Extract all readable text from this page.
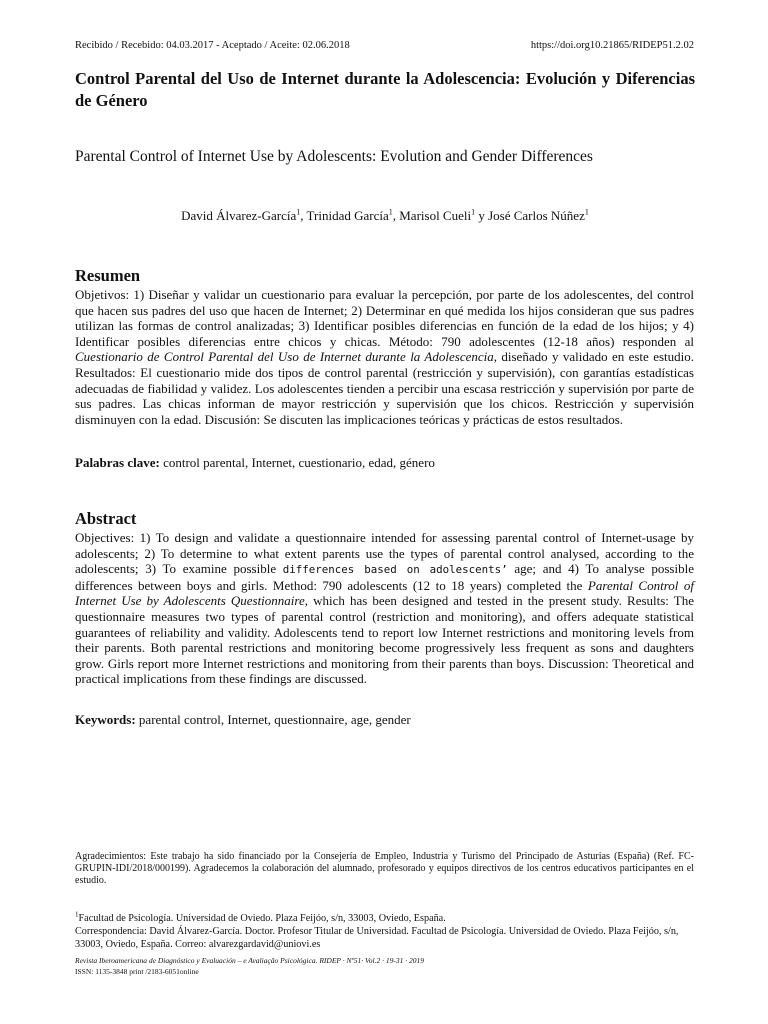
Recibido / Recebido: 04.03.2017 - Aceptado / Aceite: 02.06.2018	https://doi.org10.21865/RIDEP51.2.02
Control Parental del Uso de Internet durante la Adolescencia: Evolución y Diferencias de Género
Parental Control of Internet Use by Adolescents: Evolution and Gender Differences
David Álvarez-García$^1$, Trinidad García$^1$, Marisol Cueli$^1$ y José Carlos Núñez$^1$
Resumen
Objetivos: 1) Diseñar y validar un cuestionario para evaluar la percepción, por parte de los adolescentes, del control que hacen sus padres del uso que hacen de Internet; 2) Determinar en qué medida los hijos consideran que sus padres utilizan las formas de control analizadas; 3) Identificar posibles diferencias en función de la edad de los hijos; y 4) Identificar posibles diferencias entre chicos y chicas. Método: 790 adolescentes (12-18 años) responden al Cuestionario de Control Parental del Uso de Internet durante la Adolescencia, diseñado y validado en este estudio. Resultados: El cuestionario mide dos tipos de control parental (restricción y supervisión), con garantías estadísticas adecuadas de fiabilidad y validez. Los adolescentes tienden a percibir una escasa restricción y supervisión por parte de sus padres. Las chicas informan de mayor restricción y supervisión que los chicos. Restricción y supervisión disminuyen con la edad. Discusión: Se discuten las implicaciones teóricas y prácticas de estos resultados.
Palabras clave: control parental, Internet, cuestionario, edad, género
Abstract
Objectives: 1) To design and validate a questionnaire intended for assessing parental control of Internet-usage by adolescents; 2) To determine to what extent parents use the types of parental control analysed, according to the adolescents; 3) To examine possible differences based on adolescents’ age; and 4) To analyse possible differences between boys and girls. Method: 790 adolescents (12 to 18 years) completed the Parental Control of Internet Use by Adolescents Questionnaire, which has been designed and tested in the present study. Results: The questionnaire measures two types of parental control (restriction and monitoring), and offers adequate statistical guarantees of reliability and validity. Adolescents tend to report low Internet restrictions and monitoring levels from their parents. Both parental restrictions and monitoring become progressively less frequent as sons and daughters grow. Girls report more Internet restrictions and monitoring from their parents than boys. Discussion: Theoretical and practical implications from these findings are discussed.
Keywords: parental control, Internet, questionnaire, age, gender
Agradecimientos: Este trabajo ha sido financiado por la Consejería de Empleo, Industria y Turismo del Principado de Asturias (España) (Ref. FC-GRUPIN-IDI/2018/000199). Agradecemos la colaboración del alumnado, profesorado y equipos directivos de los centros educativos participantes en el estudio.
$^1$Facultad de Psicología. Universidad de Oviedo. Plaza Feijóo, s/n, 33003, Oviedo, España.
Correspondencia: David Álvarez-García. Doctor. Profesor Titular de Universidad. Facultad de Psicología. Universidad de Oviedo. Plaza Feijóo, s/n, 33003, Oviedo, España. Correo: alvarezgardavid@uniovi.es
Revista Iberoamericana de Diagnóstico y Evaluación – e Avaliação Psicológica. RIDEP · Nº51· Vol.2 · 19-31 · 2019
ISSN: 1135-3848 print /2183-6051online
